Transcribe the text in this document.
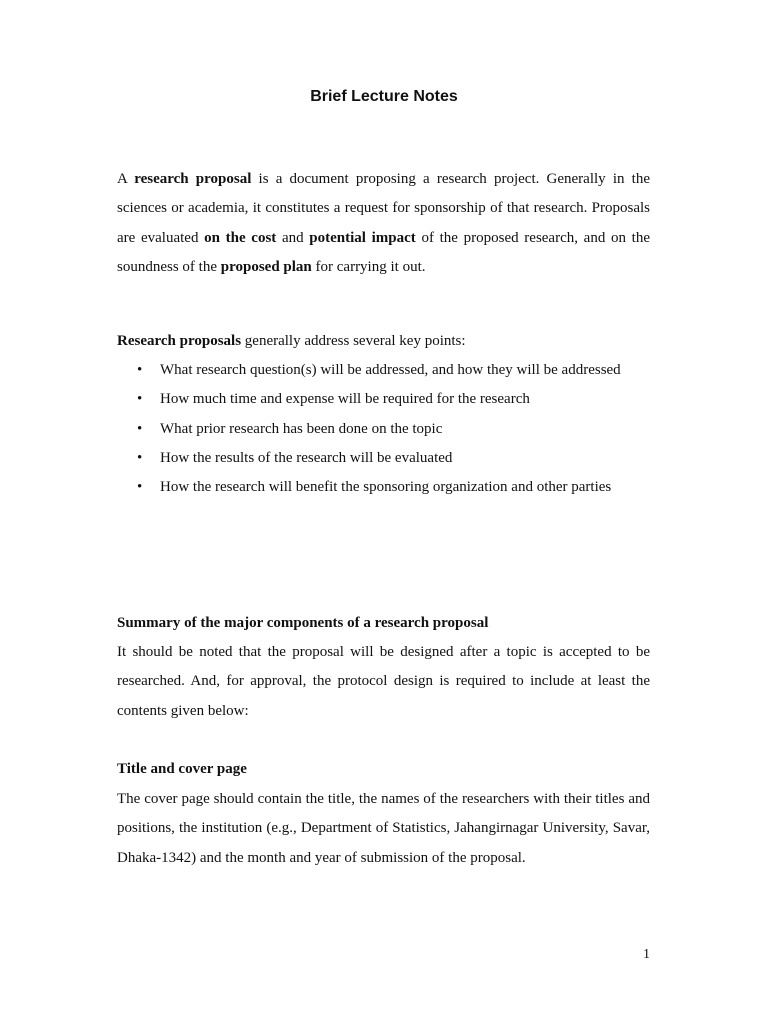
Brief Lecture Notes

A research proposal is a document proposing a research project. Generally in the sciences or academia, it constitutes a request for sponsorship of that research. Proposals are evaluated on the cost and potential impact of the proposed research, and on the soundness of the proposed plan for carrying it out.

Research proposals generally address several key points:

• What research question(s) will be addressed, and how they will be addressed
• How much time and expense will be required for the research
• What prior research has been done on the topic
• How the results of the research will be evaluated
• How the research will benefit the sponsoring organization and other parties

Summary of the major components of a research proposal

It should be noted that the proposal will be designed after a topic is accepted to be researched. And, for approval, the protocol design is required to include at least the contents given below:

Title and cover page

The cover page should contain the title, the names of the researchers with their titles and positions, the institution (e.g., Department of Statistics, Jahangirnagar University, Savar, Dhaka-1342) and the month and year of submission of the proposal.

1
